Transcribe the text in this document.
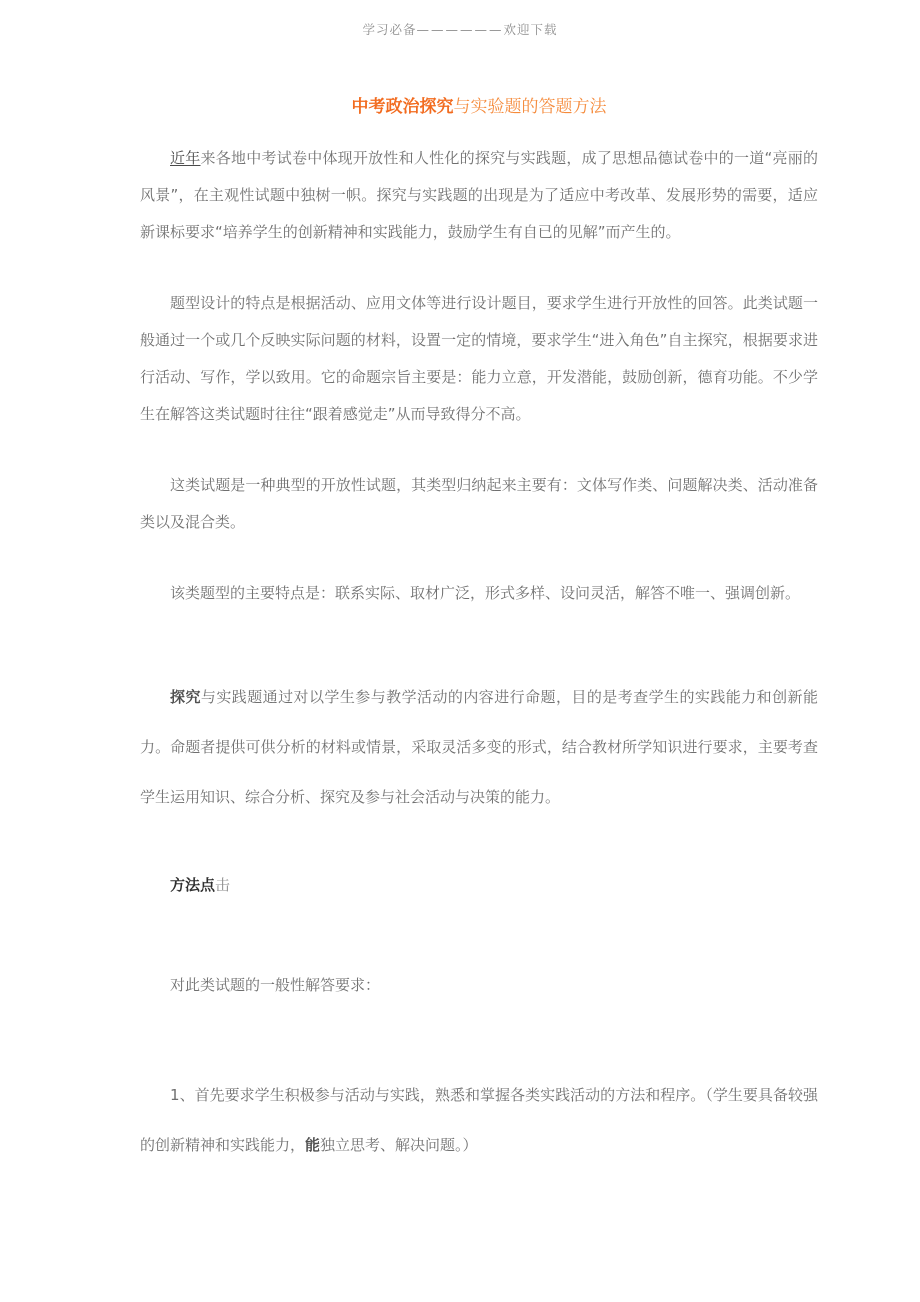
学习必备——————欢迎下载
中考政治探究与实验题的答题方法

近年来各地中考试卷中体现开放性和人性化的探究与实践题，成了思想品德试卷中的一道“亮丽的风景”，在主观性试题中独树一帜。探究与实践题的出现是为了适应中考改革、发展形势的需要，适应新课标要求“培养学生的创新精神和实践能力，鼓励学生有自已的见解”而产生的。

题型设计的特点是根据活动、应用文体等进行设计题目，要求学生进行开放性的回答。此类试题一般通过一个或几个反映实际问题的材料，设置一定的情境，要求学生“进入角色”自主探究，根据要求进行活动、写作，学以致用。它的命题宗旨主要是：能力立意，开发潜能，鼓励创新，德育功能。不少学生在解答这类试题时往往“跟着感觉走”从而导致得分不高。

这类试题是一种典型的开放性试题，其类型归纳起来主要有：文体写作类、问题解决类、活动准备类以及混合类。

该类题型的主要特点是：联系实际、取材广泛，形式多样、设问灵活，解答不唯一、强调创新。

探究与实践题通过对以学生参与教学活动的内容进行命题，目的是考查学生的实践能力和创新能力。命题者提供可供分析的材料或情景，采取灵活多变的形式，结合教材所学知识进行要求，主要考查学生运用知识、综合分析、探究及参与社会活动与决策的能力。

方法点击

对此类试题的一般性解答要求：

1、首先要求学生积极参与活动与实践，熟悉和掌握各类实践活动的方法和程序。（学生要具备较强的创新精神和实践能力，能独立思考、解决问题。）
